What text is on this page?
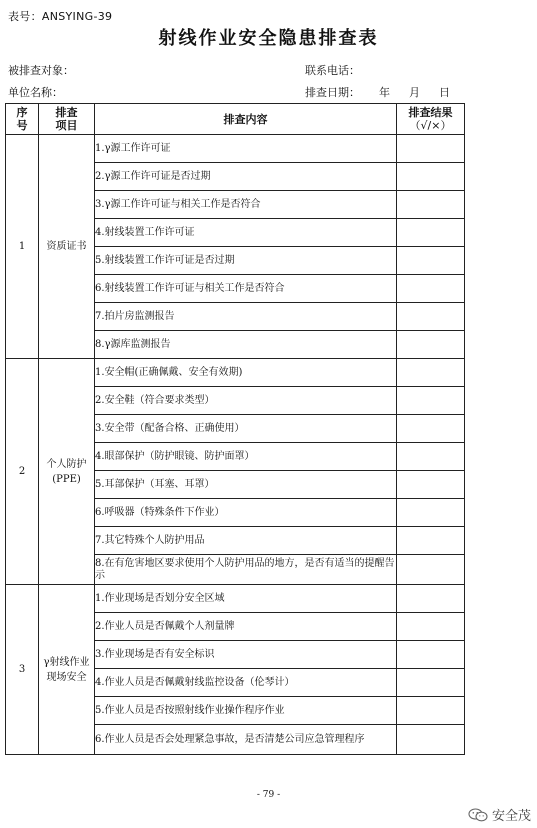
表号：ANSYING-39
射线作业安全隐患排查表
被排查对象：	联系电话：
单位名称：	排查日期： 年 月 日
序号	排查项目	排查内容	排查结果
（√/×）

1	资质证书	1.γ源工作许可证	
		2.γ源工作许可证是否过期	
		3.γ源工作许可证与相关工作是否符合	
		4.射线装置工作许可证	
		5.射线装置工作许可证是否过期	
		6.射线装置工作许可证与相关工作是否符合	
		7.拍片房监测报告	
		8.γ源库监测报告	
2	个人防护(PPE)	1.安全帽(正确佩戴、安全有效期)	
		2.安全鞋（符合要求类型）	
		3.安全带（配备合格、正确使用）	
		4.眼部保护（防护眼镜、防护面罩）	
		5.耳部保护（耳塞、耳罩）	
		6.呼吸器（特殊条件下作业）	
		7.其它特殊个人防护用品	
		8.在有危害地区要求使用个人防护用品的地方，是否有适当的提醒告示	
3	γ射线作业现场安全	1.作业现场是否划分安全区域	
		2.作业人员是否佩戴个人剂量牌	
		3.作业现场是否有安全标识	
		4.作业人员是否佩戴射线监控设备（伦琴计）	
		5.作业人员是否按照射线作业操作程序作业	
		6.作业人员是否会处理紧急事故，是否清楚公司应急管理程序	
- 79 -
安全茂
